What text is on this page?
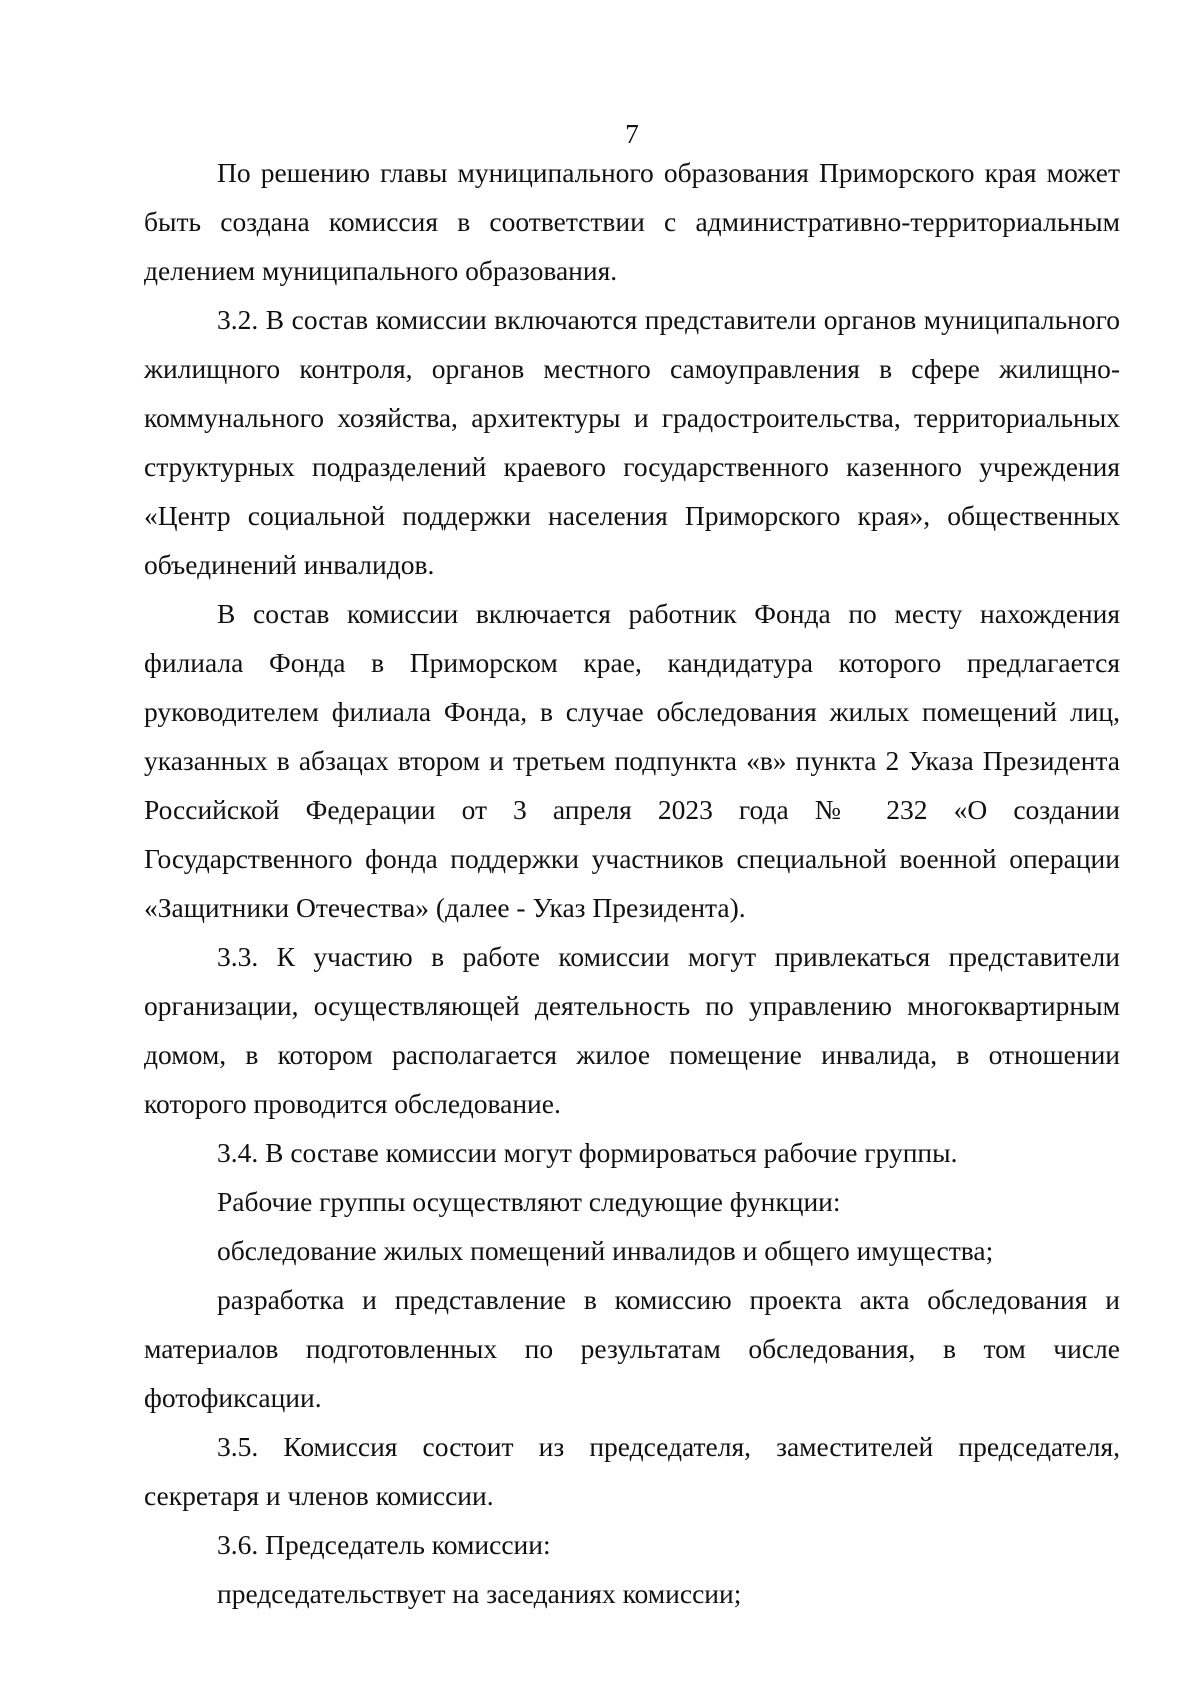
7

По решению главы муниципального образования Приморского края может быть создана комиссия в соответствии с административно-территориальным делением муниципального образования.

3.2. В состав комиссии включаются представители органов муниципального жилищного контроля, органов местного самоуправления в сфере жилищно-коммунального хозяйства, архитектуры и градостроительства, территориальных структурных подразделений краевого государственного казенного учреждения «Центр социальной поддержки населения Приморского края», общественных объединений инвалидов.

В состав комиссии включается работник Фонда по месту нахождения филиала Фонда в Приморском крае, кандидатура которого предлагается руководителем филиала Фонда, в случае обследования жилых помещений лиц, указанных в абзацах втором и третьем подпункта «в» пункта 2 Указа Президента Российской Федерации от 3 апреля 2023 года № 232 «О создании Государственного фонда поддержки участников специальной военной операции «Защитники Отечества» (далее - Указ Президента).

3.3. К участию в работе комиссии могут привлекаться представители организации, осуществляющей деятельность по управлению многоквартирным домом, в котором располагается жилое помещение инвалида, в отношении которого проводится обследование.

3.4. В составе комиссии могут формироваться рабочие группы.

Рабочие группы осуществляют следующие функции:

обследование жилых помещений инвалидов и общего имущества;

разработка и представление в комиссию проекта акта обследования и материалов подготовленных по результатам обследования, в том числе фотофиксации.

3.5. Комиссия состоит из председателя, заместителей председателя, секретаря и членов комиссии.

3.6. Председатель комиссии:

председательствует на заседаниях комиссии;
